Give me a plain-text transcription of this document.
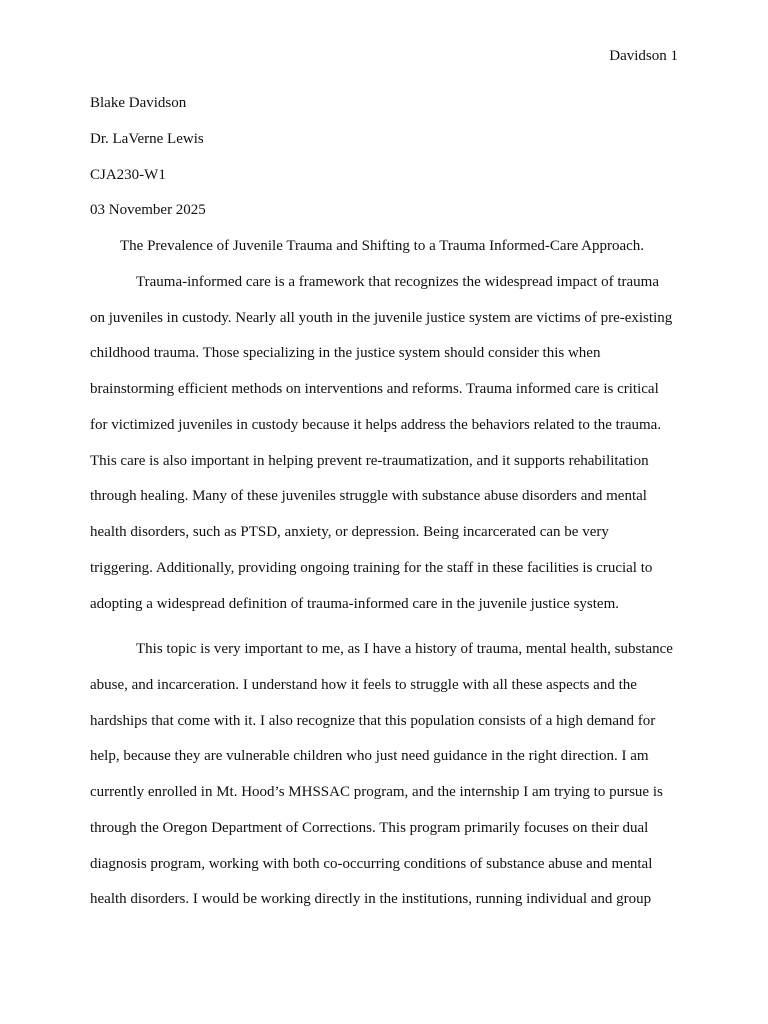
Davidson 1
Blake Davidson
Dr. LaVerne Lewis
CJA230-W1
03 November 2025
The Prevalence of Juvenile Trauma and Shifting to a Trauma Informed-Care Approach.
Trauma-informed care is a framework that recognizes the widespread impact of trauma
on juveniles in custody. Nearly all youth in the juvenile justice system are victims of pre-existing
childhood trauma. Those specializing in the justice system should consider this when
brainstorming efficient methods on interventions and reforms. Trauma informed care is critical
for victimized juveniles in custody because it helps address the behaviors related to the trauma.
This care is also important in helping prevent re-traumatization, and it supports rehabilitation
through healing. Many of these juveniles struggle with substance abuse disorders and mental
health disorders, such as PTSD, anxiety, or depression. Being incarcerated can be very
triggering. Additionally, providing ongoing training for the staff in these facilities is crucial to
adopting a widespread definition of trauma-informed care in the juvenile justice system.
This topic is very important to me, as I have a history of trauma, mental health, substance
abuse, and incarceration. I understand how it feels to struggle with all these aspects and the
hardships that come with it. I also recognize that this population consists of a high demand for
help, because they are vulnerable children who just need guidance in the right direction. I am
currently enrolled in Mt. Hood’s MHSSAC program, and the internship I am trying to pursue is
through the Oregon Department of Corrections. This program primarily focuses on their dual
diagnosis program, working with both co-occurring conditions of substance abuse and mental
health disorders. I would be working directly in the institutions, running individual and group
